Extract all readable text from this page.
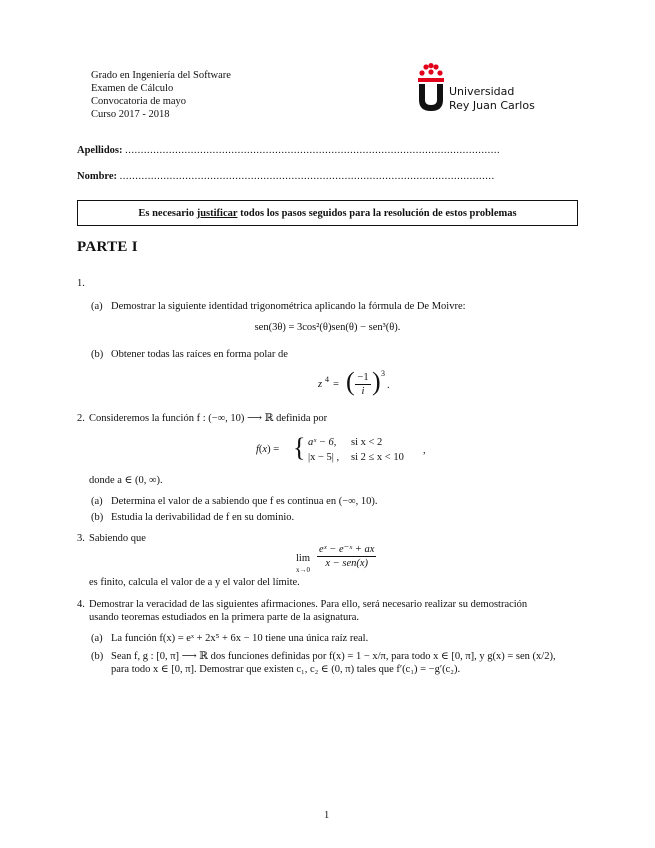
Grado en Ingeniería del Software
Examen de Cálculo
Convocatoria de mayo
Curso 2017 - 2018
Universidad
Rey Juan Carlos
Apellidos: ........................................................................................................................
Nombre: ........................................................................................................................
Es necesario justificar todos los pasos seguidos para la resolución de estos problemas
PARTE I
1.
(a) Demostrar la siguiente identidad trigonométrica aplicando la fórmula de De Moivre:
sen(3θ) = 3cos²(θ)sen(θ) − sen³(θ).
(b) Obtener todas las raíces en forma polar de
z 4 = ( −1
i ) 3
.
2. Consideremos la función f : (−∞, 10) ⟶ ℝ definida por
f(x) = { aˣ − 6, si x < 2
|x − 5| , si 2 ≤ x < 10
,
donde a ∈ (0, ∞).
(a) Determina el valor de a sabiendo que f es continua en (−∞, 10).
(b) Estudia la derivabilidad de f en su dominio.
3. Sabiendo que
lim
x→0
eˣ − e⁻ˣ + ax
x − sen(x)
es finito, calcula el valor de a y el valor del límite.
4. Demostrar la veracidad de las siguientes afirmaciones. Para ello, será necesario realizar su demostración
usando teoremas estudiados en la primera parte de la asignatura.
(a) La función f(x) = eˣ + 2x⁵ + 6x − 10 tiene una única raíz real.
(b) Sean f, g : [0, π] ⟶ ℝ dos funciones definidas por f(x) = 1 − x/π, para todo x ∈ [0, π], y g(x) = sen (x/2),
para todo x ∈ [0, π]. Demostrar que existen c₁, c₂ ∈ (0, π) tales que f′(c₁) = −g′(c₂).
1
